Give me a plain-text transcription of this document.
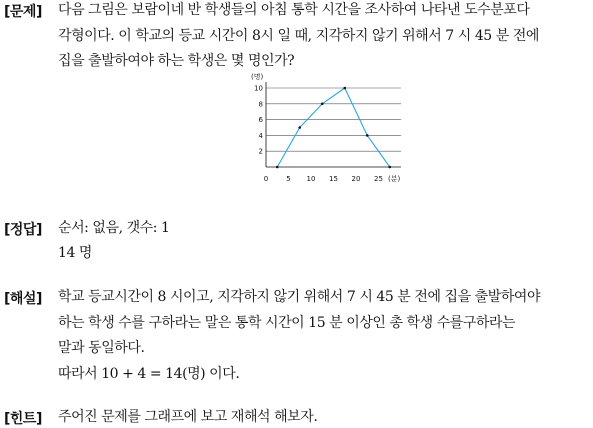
[문제] 다음 그림은 보람이네 반 학생들의 아침 통학 시간을 조사하여 나타낸 도수분포다
각형이다. 이 학교의 등교 시간이 8시 일 때, 지각하지 않기 위해서 7 시 45 분 전에
집을 출발하여야 하는 학생은 몇 명인가?
2
4
6
8
10
0	5 10 15 20 25
(명)
(분)
[정답] 순서: 없음, 갯수: 1
14 명
[해설] 학교 등교시간이 8 시이고, 지각하지 않기 위해서 7 시 45 분 전에 집을 출발하여야
하는 학생 수를 구하라는 말은 통학 시간이 15 분 이상인 총 학생 수를구하라는
말과 동일하다.
따라서 10 + 4 = 14(명) 이다.
[힌트] 주어진 문제를 그래프에 보고 재해석 해보자.
